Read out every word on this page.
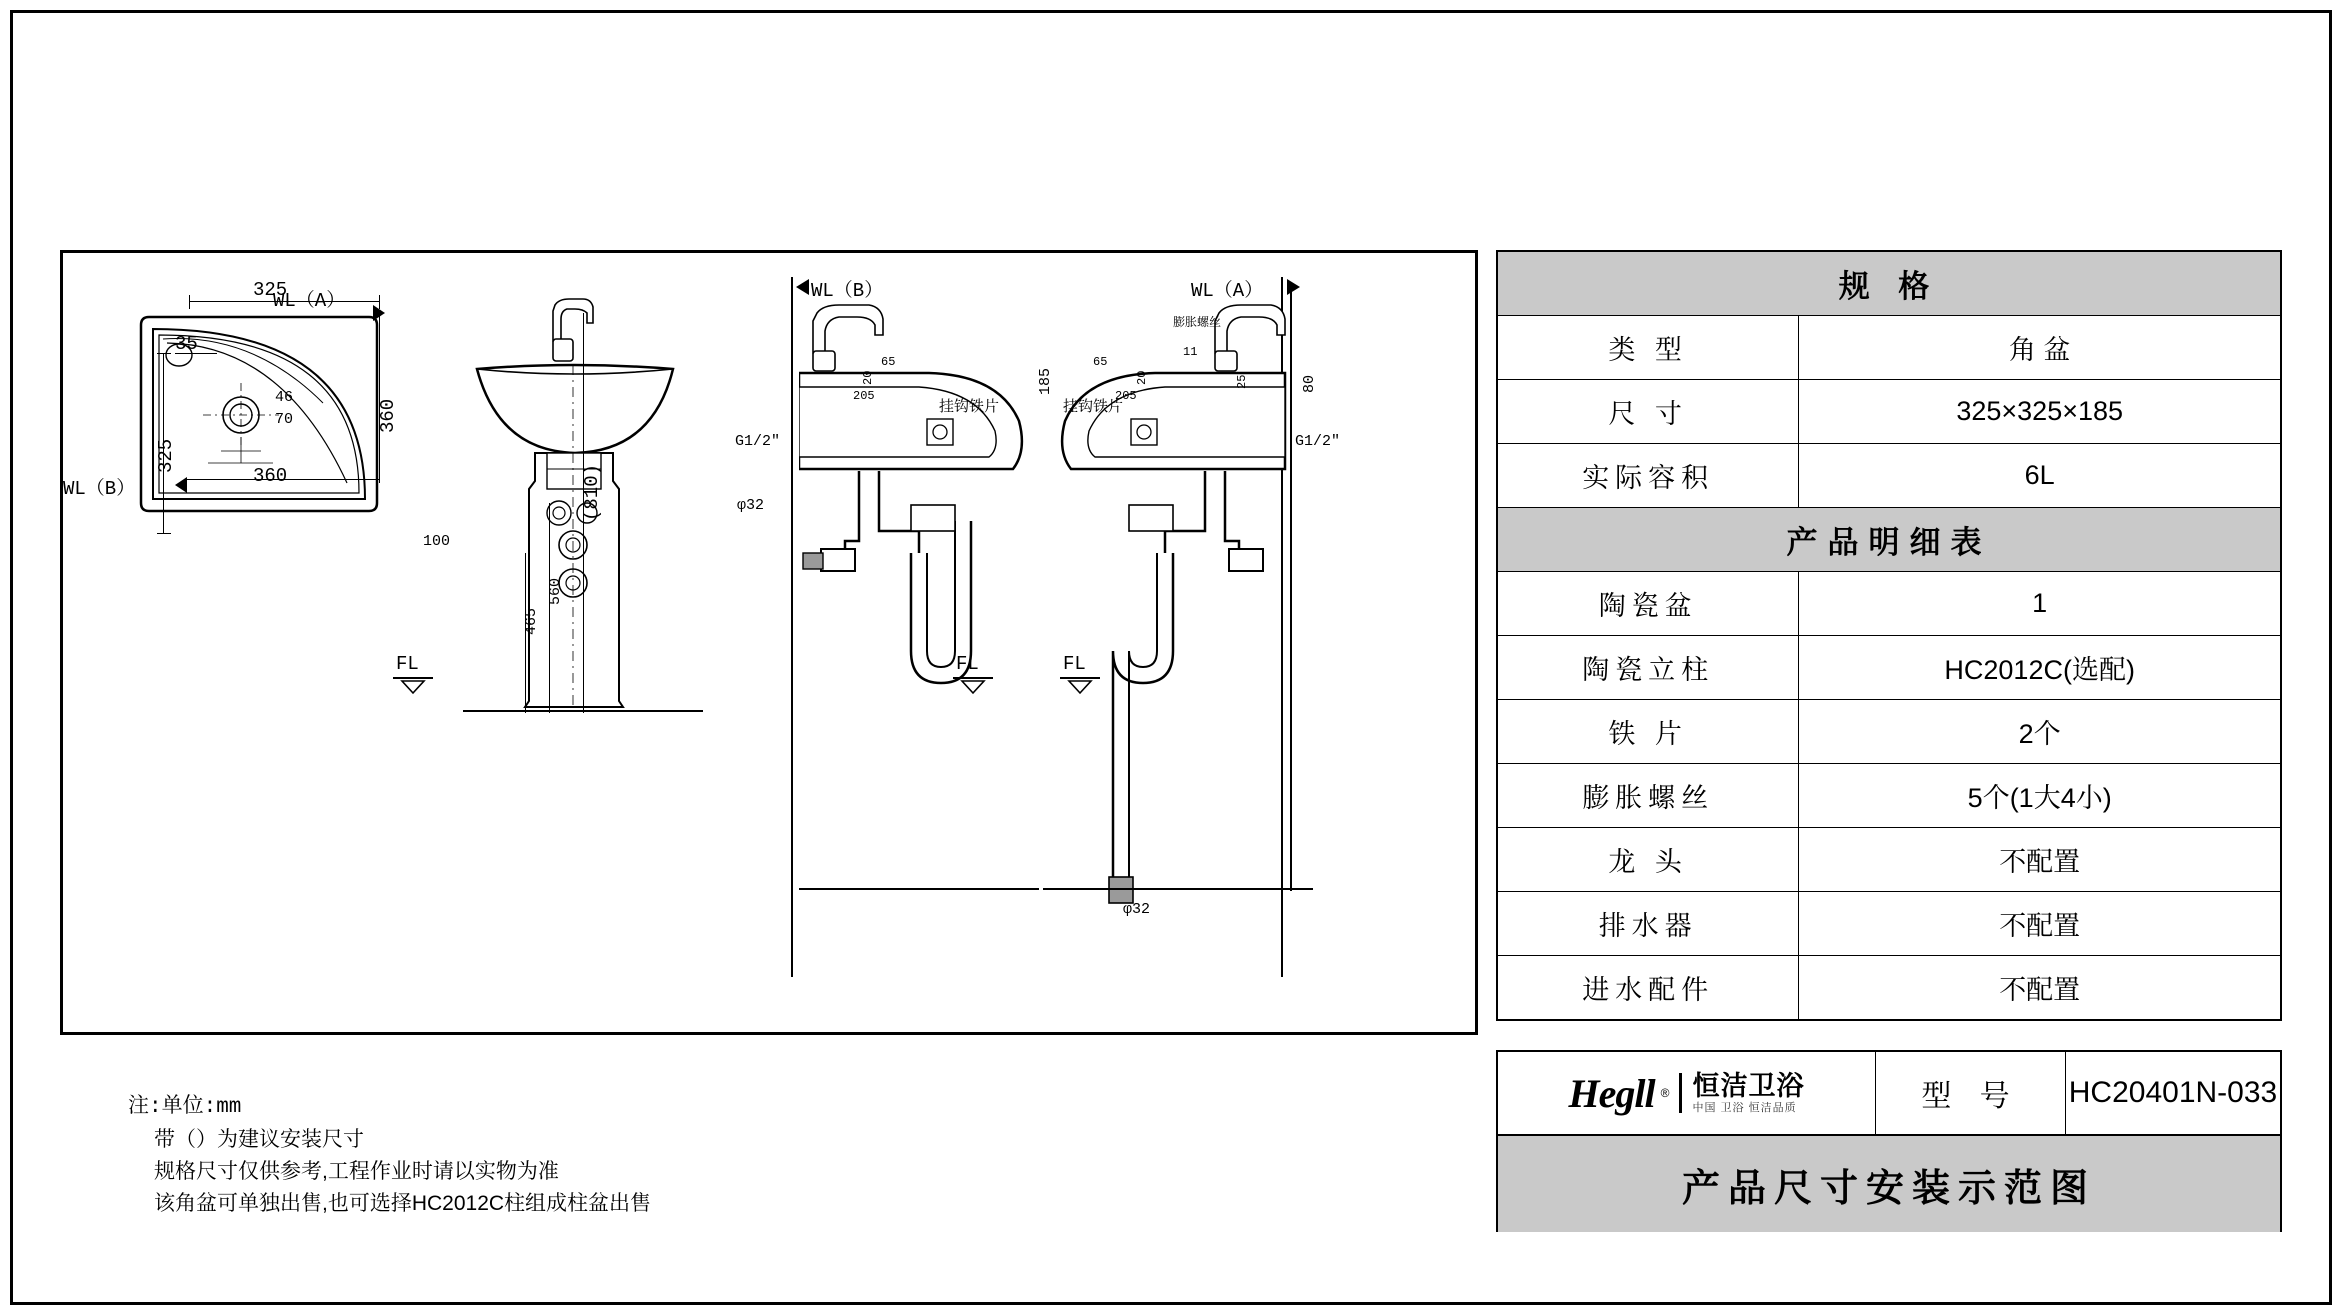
325
325
35
360
360
46
70
WL（A）
WL（B）
FL
(810)
560
465
100
WL（B）
20
65
205
挂钩铁片
G1/2"
φ32
FL
WL（A）
65
20
11
25
205
185	80
挂钩铁片
膨胀螺丝
G1/2"
φ32
FL
规 格	
类 型	角 盆
尺 寸	325×325×185
实际容积	6L
产品明细表	
陶瓷盆	1
陶瓷立柱	HC2012C(选配)
铁 片	2个
膨胀螺丝	5个(1大4小)
龙 头	不配置
排水器	不配置
进水配件	不配置
Hegll ® 恒洁卫浴
中国 卫浴 恒洁品质	型 号	HC20401N-033
产品尺寸安装示范图
注:单位:mm
带（）为建议安装尺寸
规格尺寸仅供参考,工程作业时请以实物为准
该角盆可单独出售,也可选择HC2012C柱组成柱盆出售
